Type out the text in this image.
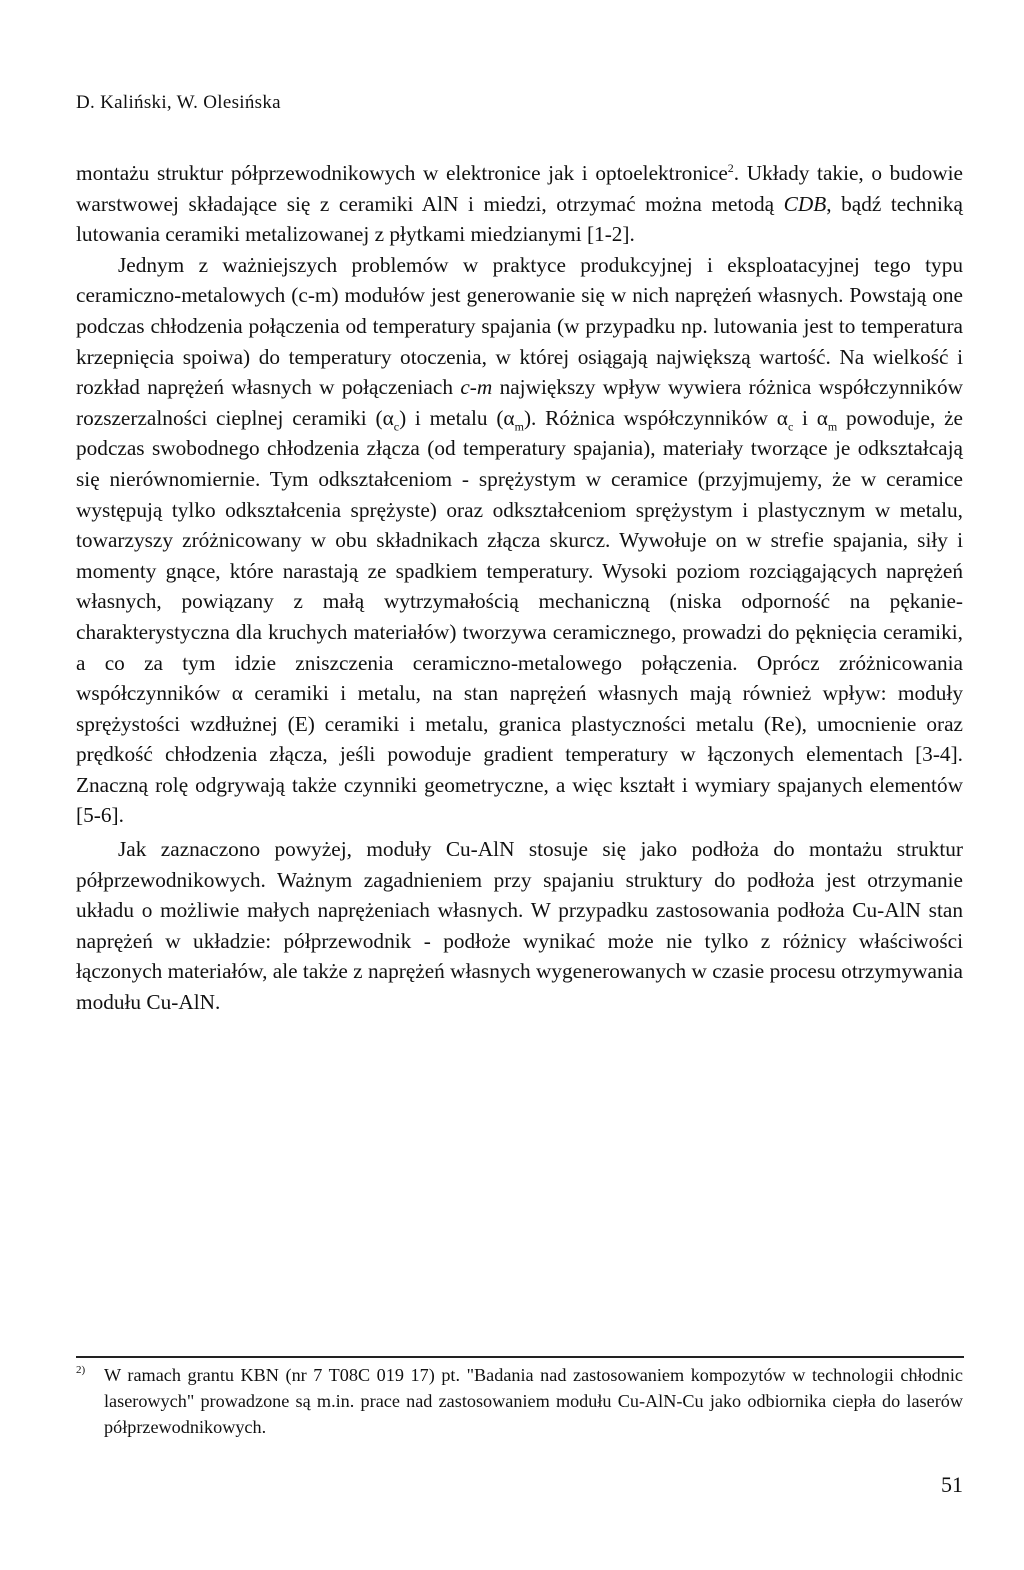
D. Kaliński, W. Olesińska

montażu struktur półprzewodnikowych w elektronice jak i optoelektronice$^2$. Układy takie, o budowie warstwowej składające się z ceramiki AlN i miedzi, otrzymać można metodą CDB, bądź techniką lutowania ceramiki metalizowanej z płytkami miedzianymi [1-2].

Jednym z ważniejszych problemów w praktyce produkcyjnej i eksploatacyjnej tego typu ceramiczno-metalowych (c-m) modułów jest generowanie się w nich naprężeń własnych. Powstają one podczas chłodzenia połączenia od temperatury spajania (w przypadku np. lutowania jest to temperatura krzepnięcia spoiwa) do temperatury otoczenia, w której osiągają największą wartość. Na wielkość i rozkład naprężeń własnych w połączeniach c-m największy wpływ wywiera różnica współczynników rozszerzalności cieplnej ceramiki $(\alpha_c)$ i metalu $(\alpha_m)$. Różnica współczynników $\alpha_c$ i $\alpha_m$ powoduje, że podczas swobodnego chłodzenia złącza (od temperatury spajania), materiały tworzące je odkształcają się nierównomiernie. Tym odkształceniom - sprężystym w ceramice (przyjmujemy, że w ceramice występują tylko odkształcenia sprężyste) oraz odkształceniom sprężystym i plastycznym w metalu, towarzyszy zróżnicowany w obu składnikach złącza skurcz. Wywołuje on w strefie spajania, siły i momenty gnące, które narastają ze spadkiem temperatury. Wysoki poziom rozciągających naprężeń własnych, powiązany z małą wytrzymałością mechaniczną (niska odporność na pękanie- charakterystyczna dla kruchych materiałów) tworzywa ceramicznego, prowadzi do pęknięcia ceramiki, a co za tym idzie zniszczenia ceramiczno-metalowego połączenia. Oprócz zróżnicowania współczynników α ceramiki i metalu, na stan naprężeń własnych mają również wpływ: moduły sprężystości wzdłużnej (E) ceramiki i metalu, granica plastyczności metalu (Re), umocnienie oraz prędkość chłodzenia złącza, jeśli powoduje gradient temperatury w łączonych elementach [3-4]. Znaczną rolę odgrywają także czynniki geometryczne, a więc kształt i wymiary spajanych elementów [5-6].

Jak zaznaczono powyżej, moduły Cu-AlN stosuje się jako podłoża do montażu struktur półprzewodnikowych. Ważnym zagadnieniem przy spajaniu struktury do podłoża jest otrzymanie układu o możliwie małych naprężeniach własnych. W przypadku zastosowania podłoża Cu-AlN stan naprężeń w układzie: półprzewodnik - podłoże wynikać może nie tylko z różnicy właściwości łączonych materiałów, ale także z naprężeń własnych wygenerowanych w czasie procesu otrzymywania modułu Cu-AlN.

2)	W ramach grantu KBN (nr 7 T08C 019 17) pt. "Badania nad zastosowaniem kompozytów w technologii chłodnic laserowych" prowadzone są m.in. prace nad zastosowaniem modułu Cu-AlN-Cu jako odbiornika ciepła do laserów półprzewodnikowych.
51
